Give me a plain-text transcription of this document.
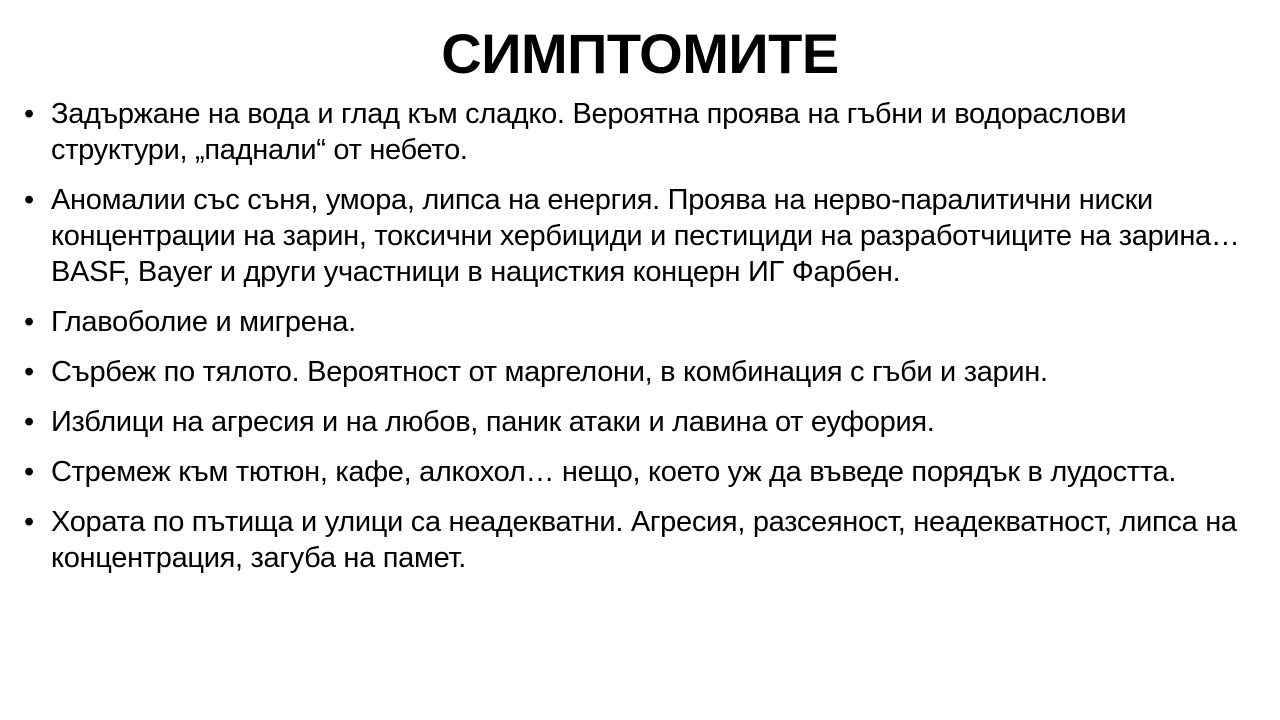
СИМПТОМИТЕ
• Задържане на вода и глад към сладко. Вероятна проява на гъбни и водораслови структури, „паднали“ от небето.
• Аномалии със съня, умора, липса на енергия. Проява на нерво-паралитични ниски концентрации на зарин, токсични хербициди и пестициди на разработчиците на зарина… BASF, Bayer и други участници в нацисткия концерн ИГ Фарбен.
• Главоболие и мигрена.
• Сърбеж по тялото. Вероятност от маргелони, в комбинация с гъби и зарин.
• Изблици на агресия и на любов, паник атаки и лавина от еуфория.
• Стремеж към тютюн, кафе, алкохол… нещо, което уж да въведе порядък в лудостта.
• Хората по пътища и улици са неадекватни. Агресия, разсеяност, неадекватност, липса на концентрация, загуба на памет.
